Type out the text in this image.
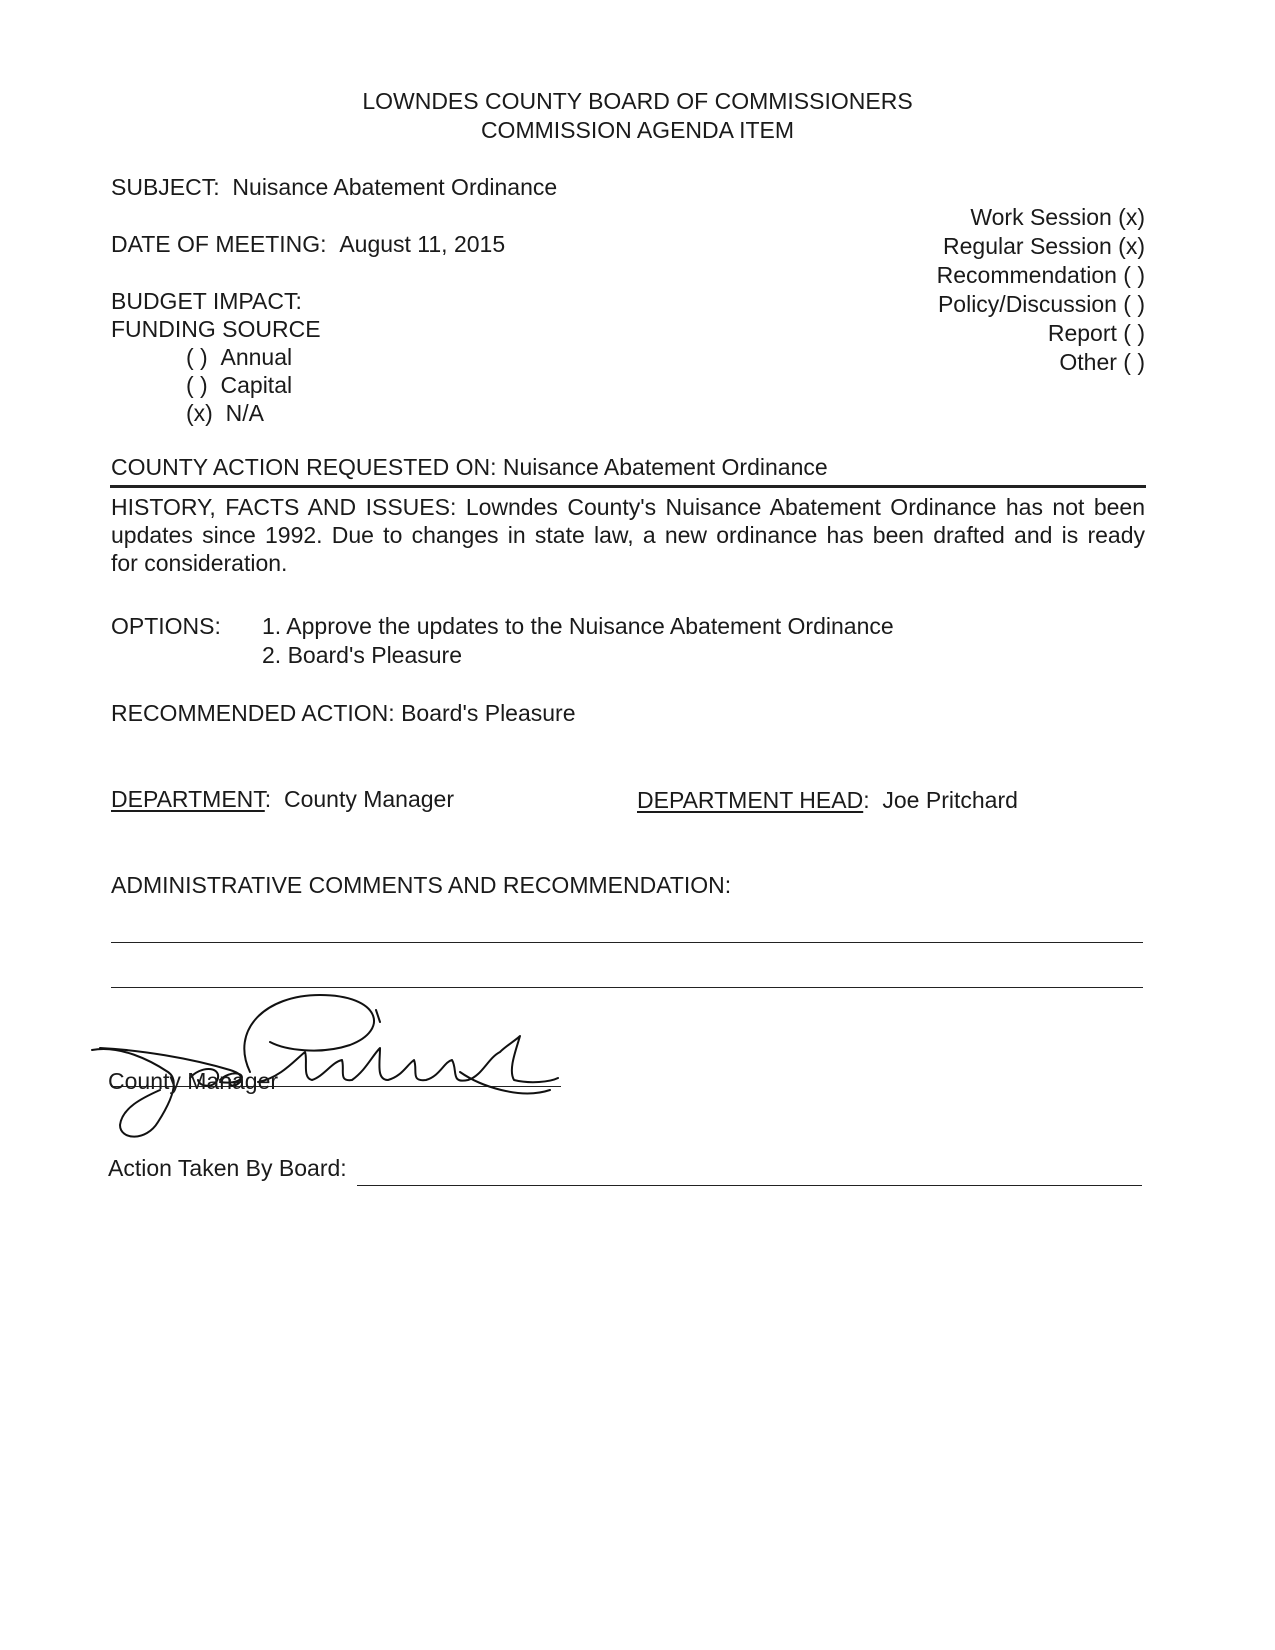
LOWNDES COUNTY BOARD OF COMMISSIONERS
COMMISSION AGENDA ITEM
SUBJECT: Nuisance Abatement Ordinance
DATE OF MEETING: August 11, 2015
Work Session (x)
Regular Session (x)
Recommendation ( )
Policy/Discussion ( )
Report ( )
Other ( )
BUDGET IMPACT:
FUNDING SOURCE
( ) Annual
( ) Capital
(x) N/A
COUNTY ACTION REQUESTED ON: Nuisance Abatement Ordinance
HISTORY, FACTS AND ISSUES: Lowndes County's Nuisance Abatement Ordinance has not been
updates since 1992. Due to changes in state law, a new ordinance has been drafted and is ready
for consideration.
OPTIONS: 1. Approve the updates to the Nuisance Abatement Ordinance
2. Board's Pleasure
RECOMMENDED ACTION: Board's Pleasure
DEPARTMENT: County Manager	DEPARTMENT HEAD: Joe Pritchard
ADMINISTRATIVE COMMENTS AND RECOMMENDATION:
County Manager
Action Taken By Board:
